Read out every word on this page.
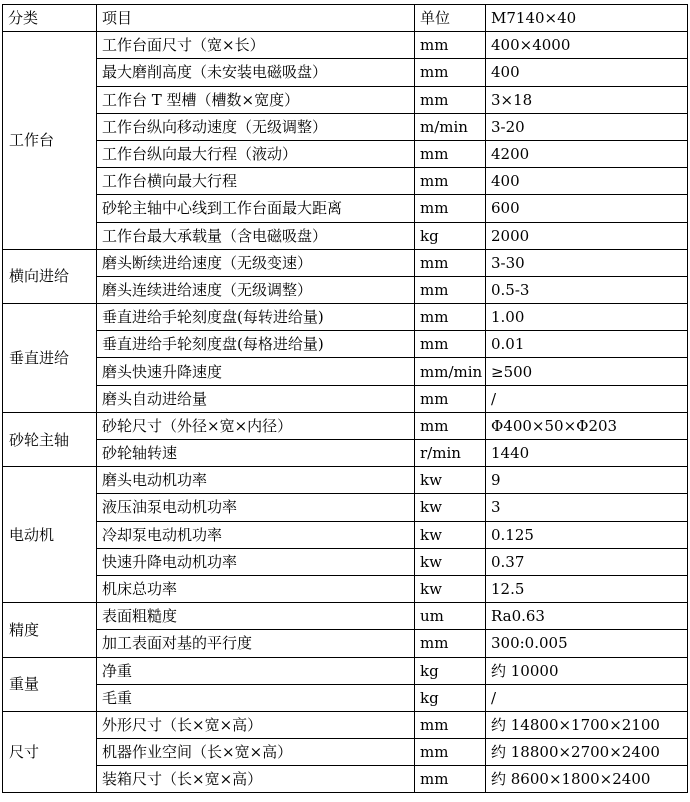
分类	项目	单位	M7140×40
工作台	工作台面尺寸（宽×长）	mm	400×4000
	最大磨削高度（未安装电磁吸盘）	mm	400
	工作台 T 型槽（槽数×宽度）	mm	3×18
	工作台纵向移动速度（无级调整）	m/min	3-20
	工作台纵向最大行程（液动）	mm	4200
	工作台横向最大行程	mm	400
	砂轮主轴中心线到工作台面最大距离	mm	600
	工作台最大承载量（含电磁吸盘）	kg	2000
横向进给	磨头断续进给速度（无级变速）	mm	3-30
	磨头连续进给速度（无级调整）	mm	0.5-3
垂直进给	垂直进给手轮刻度盘(每转进给量)	mm	1.00
	垂直进给手轮刻度盘(每格进给量)	mm	0.01
	磨头快速升降速度	mm/min	≥500
	磨头自动进给量	mm	/
砂轮主轴	砂轮尺寸（外径×宽×内径）	mm	Φ400×50×Φ203
	砂轮轴转速	r/min	1440
电动机	磨头电动机功率	kw	9
	液压油泵电动机功率	kw	3
	冷却泵电动机功率	kw	0.125
	快速升降电动机功率	kw	0.37
	机床总功率	kw	12.5
精度	表面粗糙度	um	Ra0.63
	加工表面对基的平行度	mm	300:0.005
重量	净重	kg	约 10000
	毛重	kg	/
尺寸	外形尺寸（长×宽×高）	mm	约 14800×1700×2100
	机器作业空间（长×宽×高）	mm	约 18800×2700×2400
	装箱尺寸（长×宽×高）	mm	约 8600×1800×2400
